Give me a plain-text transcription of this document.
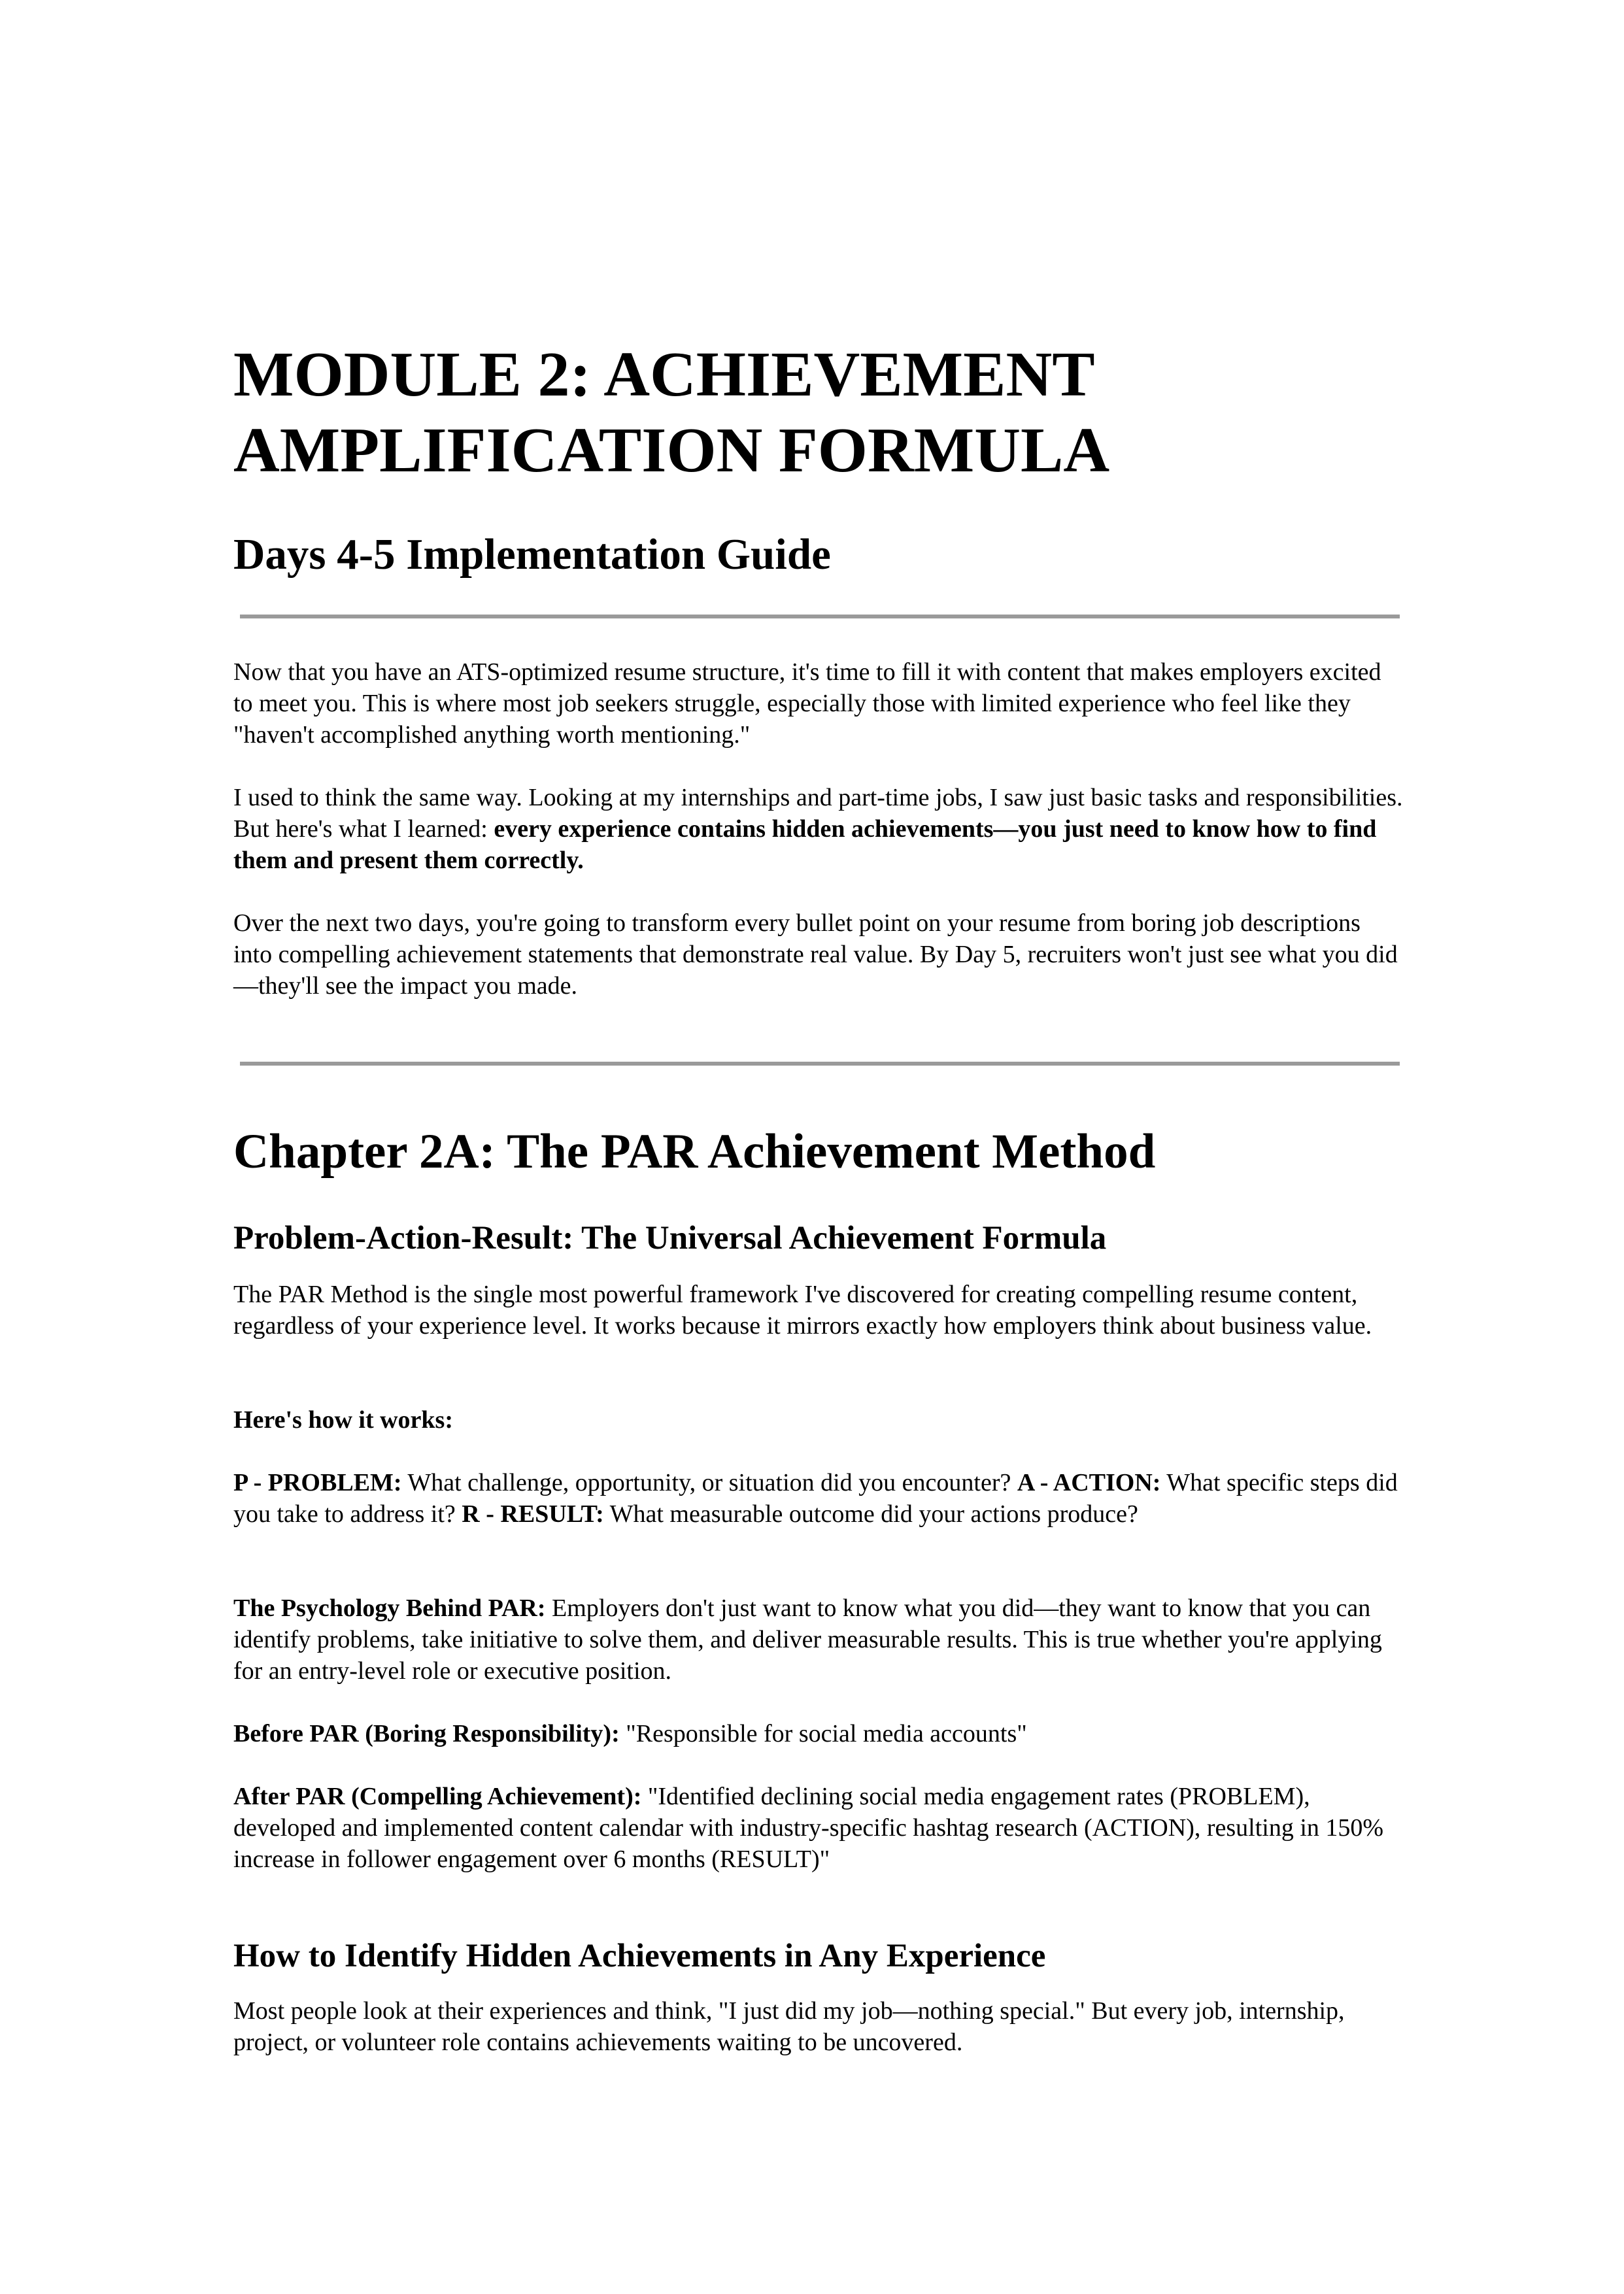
MODULE 2: ACHIEVEMENT
AMPLIFICATION FORMULA
Days 4-5 Implementation Guide

Now that you have an ATS-optimized resume structure, it's time to fill it with content that makes employers excited to meet you. This is where most job seekers struggle, especially those with limited experience who feel like they "haven't accomplished anything worth mentioning."

I used to think the same way. Looking at my internships and part-time jobs, I saw just basic tasks and responsibilities. But here's what I learned: every experience contains hidden achievements—you just need to know how to find them and present them correctly.

Over the next two days, you're going to transform every bullet point on your resume from boring job descriptions into compelling achievement statements that demonstrate real value. By Day 5, recruiters won't just see what you did—they'll see the impact you made.

Chapter 2A: The PAR Achievement Method
Problem-Action-Result: The Universal Achievement Formula

The PAR Method is the single most powerful framework I've discovered for creating compelling resume content, regardless of your experience level. It works because it mirrors exactly how employers think about business value.

Here's how it works:

P - PROBLEM: What challenge, opportunity, or situation did you encounter? A - ACTION: What specific steps did you take to address it? R - RESULT: What measurable outcome did your actions produce?

The Psychology Behind PAR: Employers don't just want to know what you did—they want to know that you can identify problems, take initiative to solve them, and deliver measurable results. This is true whether you're applying for an entry-level role or executive position.

Before PAR (Boring Responsibility): "Responsible for social media accounts"

After PAR (Compelling Achievement): "Identified declining social media engagement rates (PROBLEM), developed and implemented content calendar with industry-specific hashtag research (ACTION), resulting in 150% increase in follower engagement over 6 months (RESULT)"

How to Identify Hidden Achievements in Any Experience

Most people look at their experiences and think, "I just did my job—nothing special." But every job, internship, project, or volunteer role contains achievements waiting to be uncovered.
